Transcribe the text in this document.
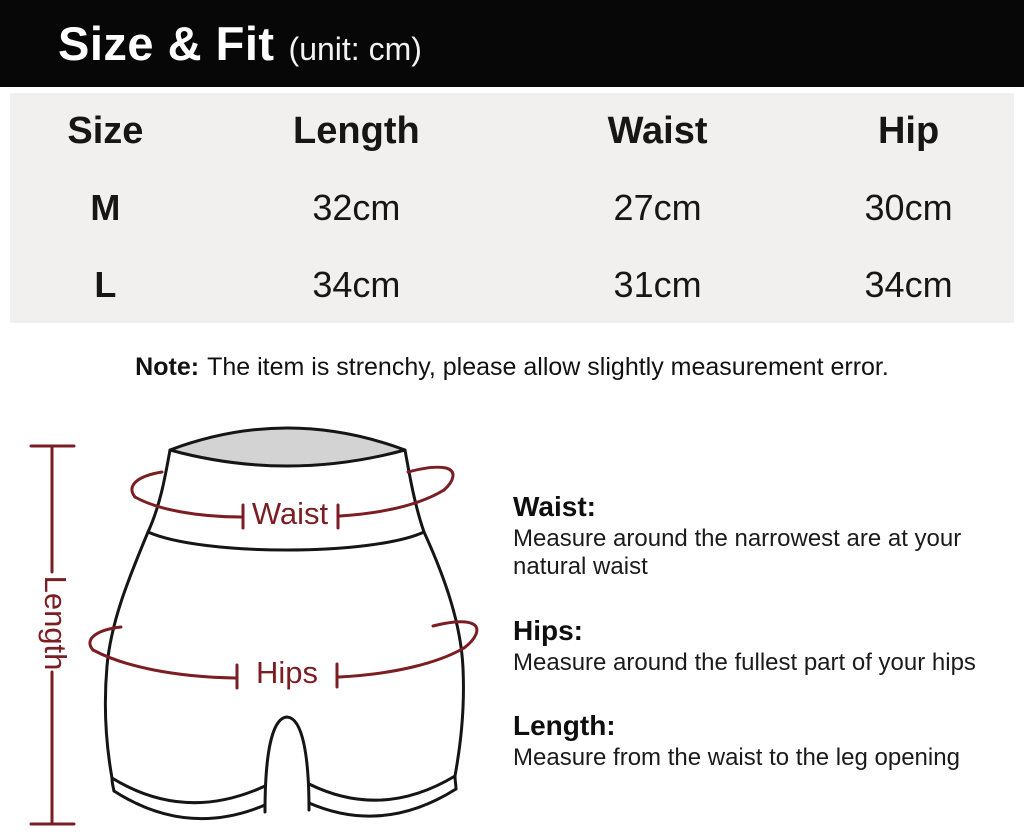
Size & Fit (unit: cm)
Size	Length	Waist	Hip
M	32cm	27cm	30cm
L	34cm	31cm	34cm

Note: The item is strenchy, please allow slightly measurement error.

Length
Waist
Hips
Waist:
Measure around the narrowest are at your
natural waist
Hips:
Measure around the fullest part of your hips
Length:
Measure from the waist to the leg opening
